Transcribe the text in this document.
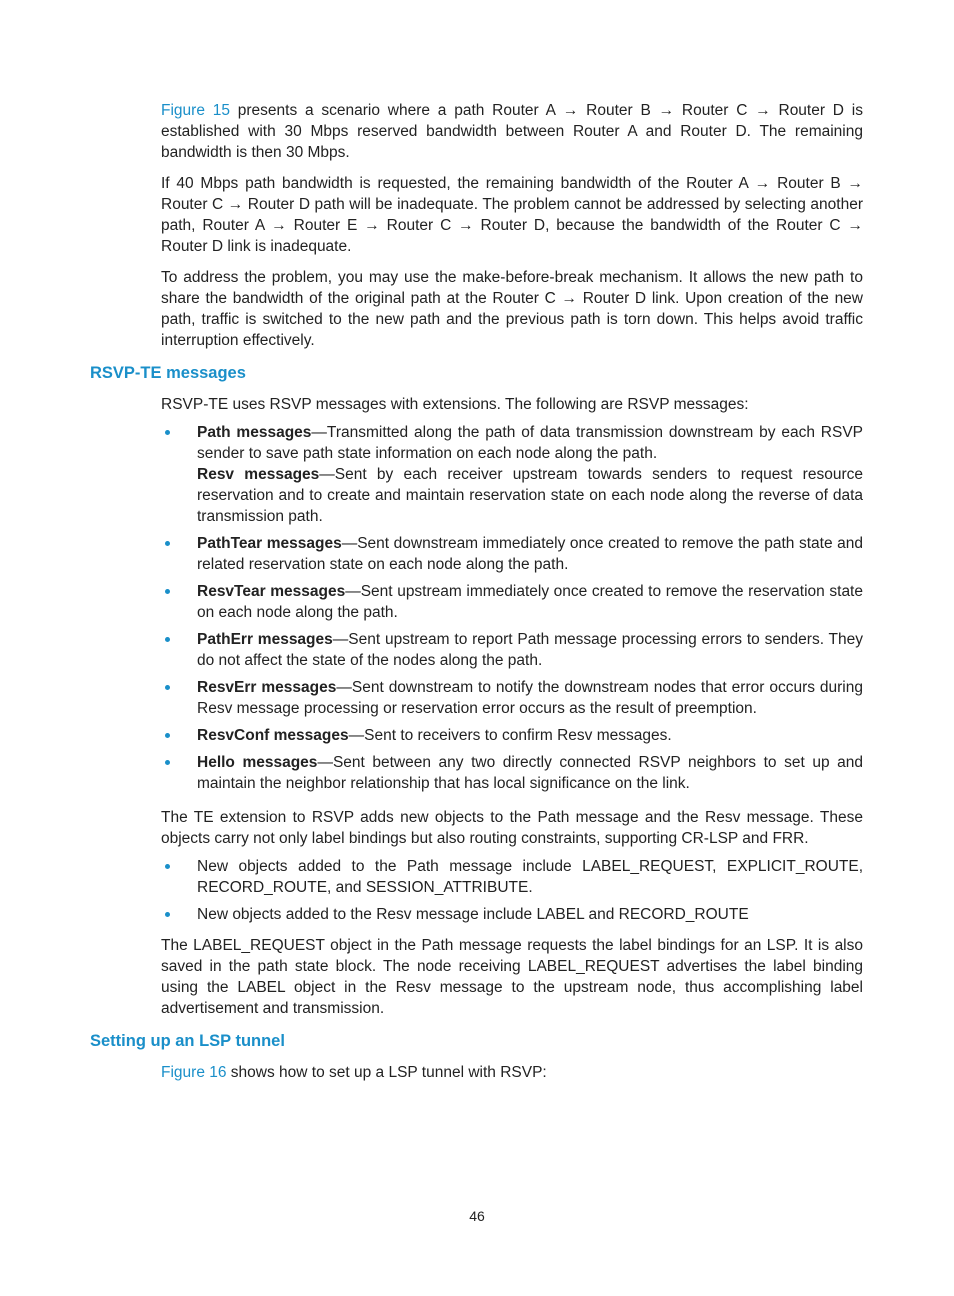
Figure 15 presents a scenario where a path Router A → Router B → Router C → Router D is established with 30 Mbps reserved bandwidth between Router A and Router D. The remaining bandwidth is then 30 Mbps.

If 40 Mbps path bandwidth is requested, the remaining bandwidth of the Router A → Router B → Router C → Router D path will be inadequate. The problem cannot be addressed by selecting another path, Router A → Router E → Router C → Router D, because the bandwidth of the Router C → Router D link is inadequate.

To address the problem, you may use the make-before-break mechanism. It allows the new path to share the bandwidth of the original path at the Router C → Router D link. Upon creation of the new path, traffic is switched to the new path and the previous path is torn down. This helps avoid traffic interruption effectively.

RSVP-TE messages

RSVP-TE uses RSVP messages with extensions. The following are RSVP messages:

Path messages—Transmitted along the path of data transmission downstream by each RSVP sender to save path state information on each node along the path.
Resv messages—Sent by each receiver upstream towards senders to request resource reservation and to create and maintain reservation state on each node along the reverse of data transmission path.
PathTear messages—Sent downstream immediately once created to remove the path state and related reservation state on each node along the path.
ResvTear messages—Sent upstream immediately once created to remove the reservation state on each node along the path.
PathErr messages—Sent upstream to report Path message processing errors to senders. They do not affect the state of the nodes along the path.
ResvErr messages—Sent downstream to notify the downstream nodes that error occurs during Resv message processing or reservation error occurs as the result of preemption.
ResvConf messages—Sent to receivers to confirm Resv messages.
Hello messages—Sent between any two directly connected RSVP neighbors to set up and maintain the neighbor relationship that has local significance on the link.

The TE extension to RSVP adds new objects to the Path message and the Resv message. These objects carry not only label bindings but also routing constraints, supporting CR-LSP and FRR.

New objects added to the Path message include LABEL_REQUEST, EXPLICIT_ROUTE, RECORD_ROUTE, and SESSION_ATTRIBUTE.
New objects added to the Resv message include LABEL and RECORD_ROUTE

The LABEL_REQUEST object in the Path message requests the label bindings for an LSP. It is also saved in the path state block. The node receiving LABEL_REQUEST advertises the label binding using the LABEL object in the Resv message to the upstream node, thus accomplishing label advertisement and transmission.

Setting up an LSP tunnel

Figure 16 shows how to set up a LSP tunnel with RSVP:

46
